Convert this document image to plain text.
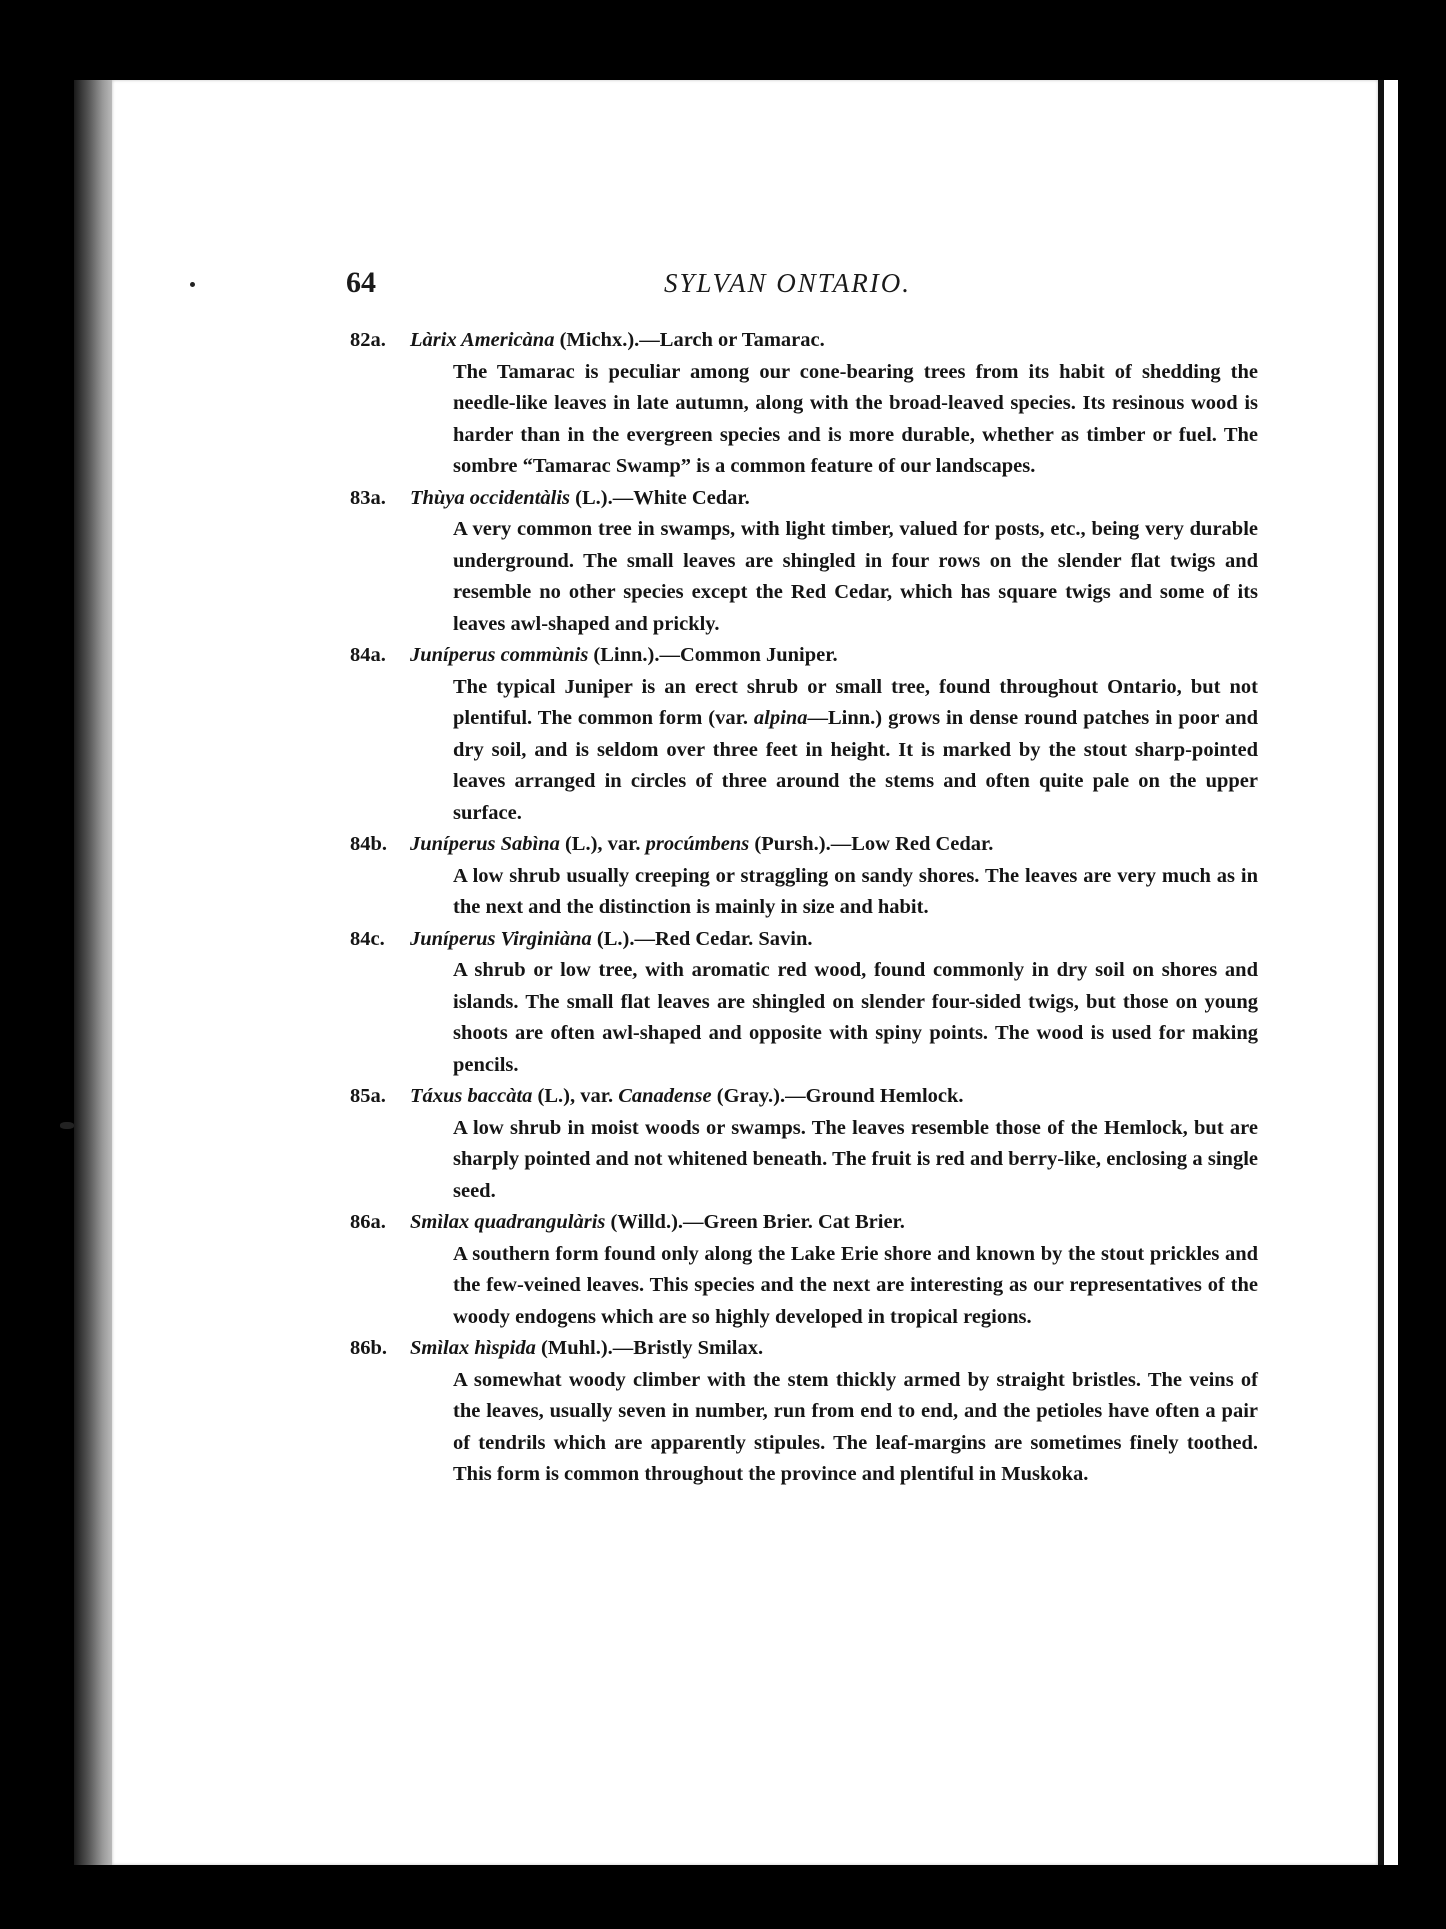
64	SYLVAN ONTARIO.
82a. Làrix Americàna (Michx.).—Larch or Tamarac.
The Tamarac is peculiar among our cone-bearing trees from its habit of shedding the needle-like leaves in late autumn, along with the broad-leaved species. Its resinous wood is harder than in the evergreen species and is more durable, whether as timber or fuel. The sombre “Tamarac Swamp” is a common feature of our landscapes.
83a. Thùya occidentàlis (L.).—White Cedar.
A very common tree in swamps, with light timber, valued for posts, etc., being very durable underground. The small leaves are shingled in four rows on the slender flat twigs and resemble no other species except the Red Cedar, which has square twigs and some of its leaves awl-shaped and prickly.
84a. Juníperus commùnis (Linn.).—Common Juniper.
The typical Juniper is an erect shrub or small tree, found throughout Ontario, but not plentiful. The common form (var. alpina—Linn.) grows in dense round patches in poor and dry soil, and is seldom over three feet in height. It is marked by the stout sharp-pointed leaves arranged in circles of three around the stems and often quite pale on the upper surface.
84b. Juníperus Sabìna (L.), var. procúmbens (Pursh.).—Low Red Cedar.
A low shrub usually creeping or straggling on sandy shores. The leaves are very much as in the next and the distinction is mainly in size and habit.
84c. Juníperus Virginiàna (L.).—Red Cedar. Savin.
A shrub or low tree, with aromatic red wood, found commonly in dry soil on shores and islands. The small flat leaves are shingled on slender four-sided twigs, but those on young shoots are often awl-shaped and opposite with spiny points. The wood is used for making pencils.
85a. Táxus baccàta (L.), var. Canadense (Gray.).—Ground Hemlock.
A low shrub in moist woods or swamps. The leaves resemble those of the Hemlock, but are sharply pointed and not whitened beneath. The fruit is red and berry-like, enclosing a single seed.
86a. Smìlax quadrangulàris (Willd.).—Green Brier. Cat Brier.
A southern form found only along the Lake Erie shore and known by the stout prickles and the few-veined leaves. This species and the next are interesting as our representatives of the woody endogens which are so highly developed in tropical regions.
86b. Smìlax hìspida (Muhl.).—Bristly Smilax.
A somewhat woody climber with the stem thickly armed by straight bristles. The veins of the leaves, usually seven in number, run from end to end, and the petioles have often a pair of tendrils which are apparently stipules. The leaf-margins are sometimes finely toothed. This form is common throughout the province and plentiful in Muskoka.
